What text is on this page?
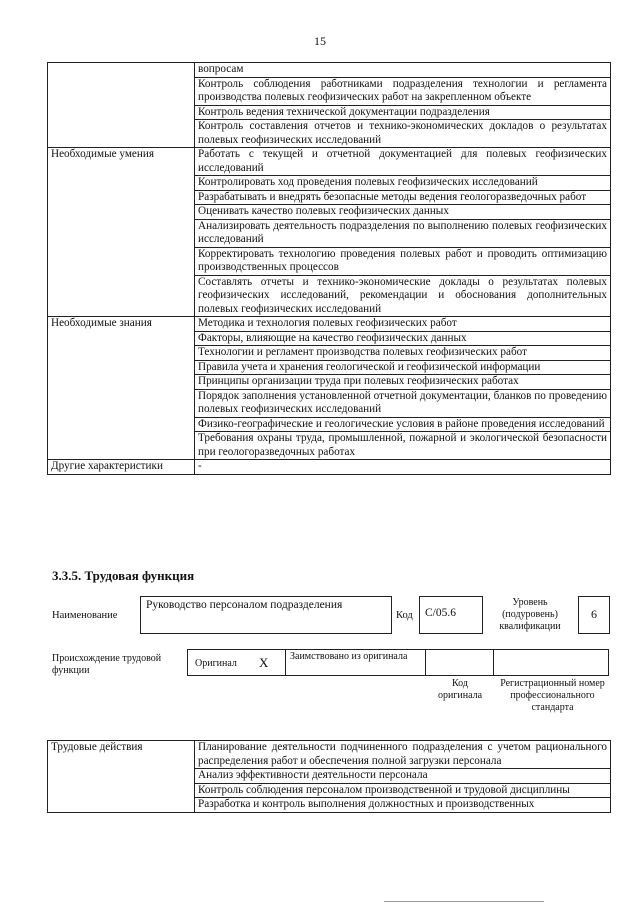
15
	вопросам
	Контроль соблюдения работниками подразделения технологии и регламента производства полевых геофизических работ на закрепленном объекте
	Контроль ведения технической документации подразделения
	Контроль составления отчетов и технико-экономических докладов о результатах полевых геофизических исследований
Необходимые умения	Работать с текущей и отчетной документацией для полевых геофизических исследований
	Контролировать ход проведения полевых геофизических исследований
	Разрабатывать и внедрять безопасные методы ведения геологоразведочных работ
	Оценивать качество полевых геофизических данных
	Анализировать деятельность подразделения по выполнению полевых геофизических исследований
	Корректировать технологию проведения полевых работ и проводить оптимизацию производственных процессов
	Составлять отчеты и технико-экономические доклады о результатах полевых геофизических исследований, рекомендации и обоснования дополнительных полевых геофизических исследований
Необходимые знания	Методика и технология полевых геофизических работ
	Факторы, влияющие на качество геофизических данных
	Технологии и регламент производства полевых геофизических работ
	Правила учета и хранения геологической и геофизической информации
	Принципы организации труда при полевых геофизических работах
	Порядок заполнения установленной отчетной документации, бланков по проведению полевых геофизических исследований
	Физико-географические и геологические условия в районе проведения исследований
	Требования охраны труда, промышленной, пожарной и экологической безопасности при геологоразведочных работах
Другие характеристики	-
3.3.5. Трудовая функция
Наименование
Руководство персоналом подразделения
Код	C/05.6
Уровень (подуровень) квалификации
6
Происхождение трудовой функции
Оригинал X Заимствовано из оригинала
Код оригинала
Регистрационный номер профессионального стандарта
Трудовые действия	Планирование деятельности подчиненного подразделения с учетом рационального распределения работ и обеспечения полной загрузки персонала
Анализ эффективности деятельности персонала
Контроль соблюдения персоналом производственной и трудовой дисциплины
Разработка и контроль выполнения должностных и производственных
